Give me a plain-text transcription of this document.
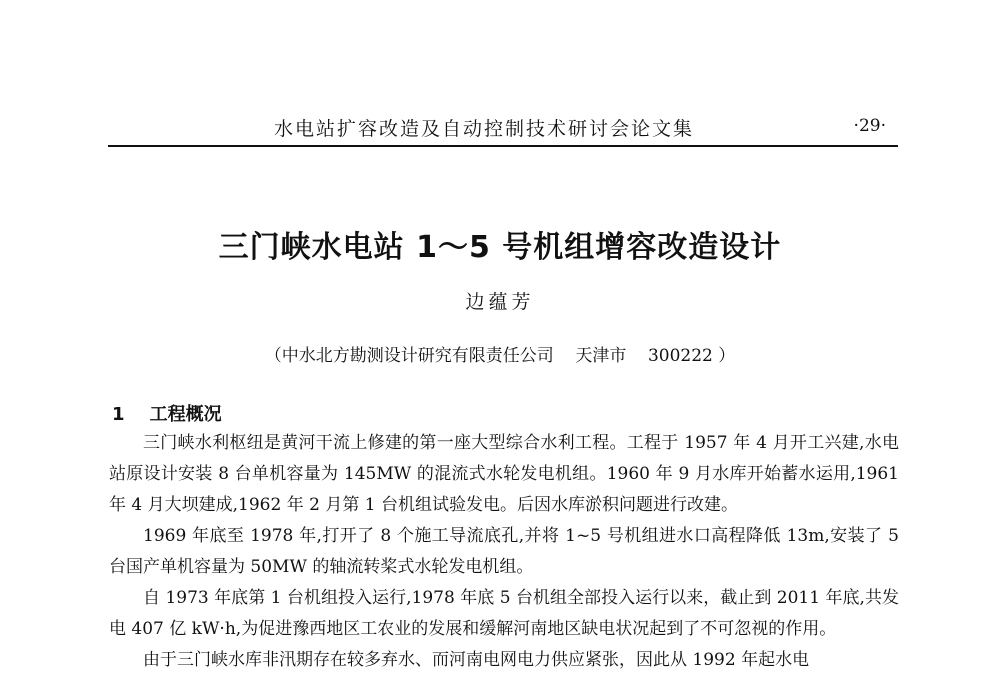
水电站扩容改造及自动控制技术研讨会论文集	·29·
三门峡水电站 1～5 号机组增容改造设计
边蕴芳
（中水北方勘测设计研究有限责任公司    天津市    300222 ）
1    工程概况

三门峡水利枢纽是黄河干流上修建的第一座大型综合水利工程。工程于 1957 年 4 月开工兴建,水电站原设计安装 8 台单机容量为 145MW 的混流式水轮发电机组。1960 年 9 月水库开始蓄水运用,1961 年 4 月大坝建成,1962 年 2 月第 1 台机组试验发电。后因水库淤积问题进行改建。

1969 年底至 1978 年,打开了 8 个施工导流底孔,并将 1~5 号机组进水口高程降低 13m,安装了 5 台国产单机容量为 50MW 的轴流转桨式水轮发电机组。

自 1973 年底第 1 台机组投入运行,1978 年底 5 台机组全部投入运行以来，截止到 2011 年底,共发电 407 亿 kW·h,为促进豫西地区工农业的发展和缓解河南地区缺电状况起到了不可忽视的作用。

由于三门峡水库非汛期存在较多弃水、而河南电网电力供应紧张，因此从 1992 年起水电
